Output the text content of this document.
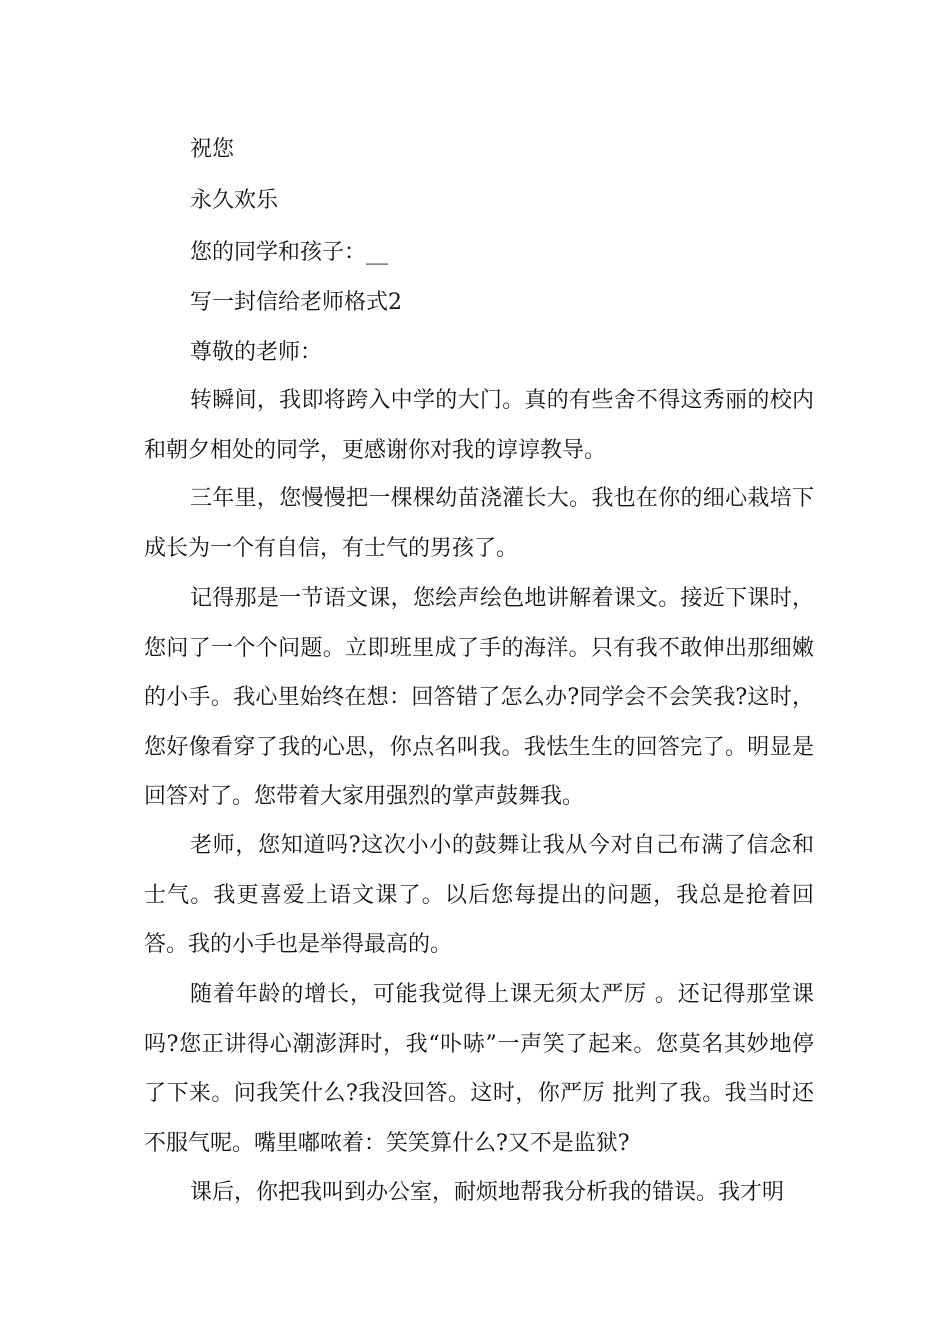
祝您
永久欢乐
您的同学和孩子：__
写一封信给老师格式2
尊敬的老师：

转瞬间，我即将跨入中学的大门。真的有些舍不得这秀丽的校内和朝夕相处的同学，更感谢你对我的谆谆教导。

三年里，您慢慢把一棵棵幼苗浇灌长大。我也在你的细心栽培下成长为一个有自信，有士气的男孩了。

记得那是一节语文课，您绘声绘色地讲解着课文。接近下课时，您问了一个个问题。立即班里成了手的海洋。只有我不敢伸出那细嫩的小手。我心里始终在想：回答错了怎么办?同学会不会笑我?这时，您好像看穿了我的心思，你点名叫我。我怯生生的回答完了。明显是回答对了。您带着大家用强烈的掌声鼓舞我。

老师，您知道吗?这次小小的鼓舞让我从今对自己布满了信念和士气。我更喜爱上语文课了。以后您每提出的问题，我总是抢着回答。我的小手也是举得最高的。

随着年龄的增长，可能我觉得上课无须太严厉 。还记得那堂课吗?您正讲得心潮澎湃时，我“卟哧”一声笑了起来。您莫名其妙地停了下来。问我笑什么?我没回答。这时，你严厉 批判了我。我当时还不服气呢。嘴里嘟哝着：笑笑算什么?又不是监狱?

课后，你把我叫到办公室，耐烦地帮我分析我的错误。我才明
